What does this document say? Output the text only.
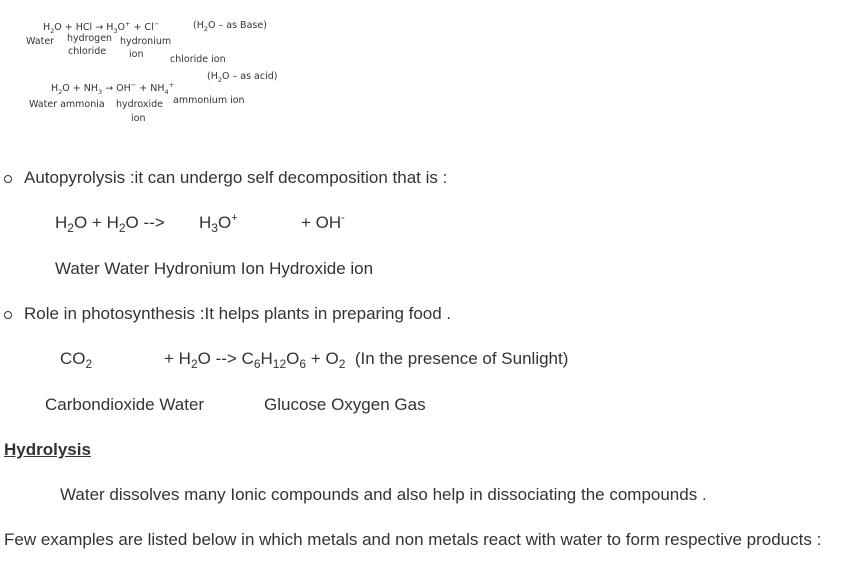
$H_2O$ + HCl → $H_3O^+ + Cl^-$	($H_2O$ – as Base)
Water hydrogen
chloride
hydronium
ion	chloride ion
($H_2O$ – as acid)
$H_2O + NH_3 \to OH^- + NH_4^+$
ammonium ion
Water ammonia hydroxide
ion
Autopyrolysis :it can undergo self decomposition that is :
$H_2O + H_2O$ --> $H_3O^+$	+ OH-
Water Water Hydronium Ion Hydroxide ion
Role in photosynthesis :It helps plants in preparing food .
$CO_2$	+ $H_2O$ --> $C_6H_{12}O_6 + O_2$ (In the presence of Sunlight)
Carbondioxide Water	Glucose Oxygen Gas
Hydrolysis
Water dissolves many Ionic compounds and also help in dissociating the compounds .
Few examples are listed below in which metals and non metals react with water to form respective products :
